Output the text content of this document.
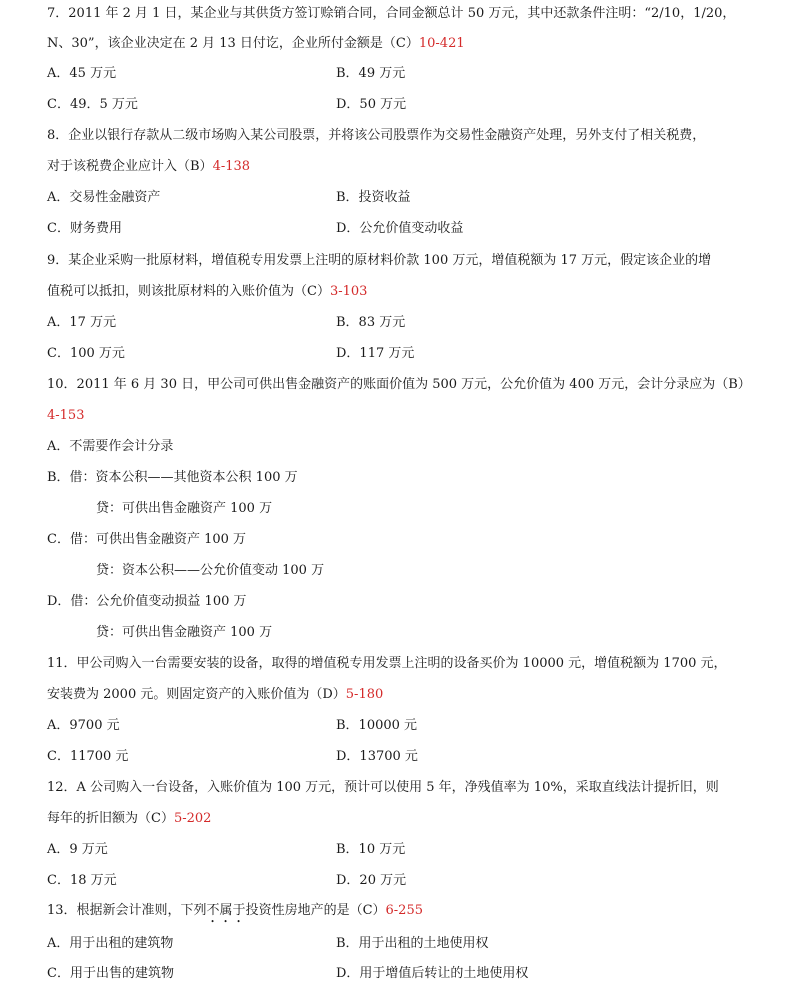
7．2011 年 2 月 1 日，某企业与其供货方签订赊销合同，合同金额总计 50 万元，其中还款条件注明：“2/10，1/20，
N、30”，该企业决定在 2 月 13 日付讫，企业所付金额是（C）10-421
A．45 万元	B．49 万元
C．49．5 万元	D．50 万元
8．企业以银行存款从二级市场购入某公司股票，并将该公司股票作为交易性金融资产处理，另外支付了相关税费，
对于该税费企业应计入（B）4-138
A．交易性金融资产	B．投资收益
C．财务费用	D．公允价值变动收益
9．某企业采购一批原材料，增值税专用发票上注明的原材料价款 100 万元，增值税额为 17 万元，假定该企业的增
值税可以抵扣，则该批原材料的入账价值为（C）3-103
A．17 万元	B．83 万元
C．100 万元	D．117 万元
10．2011 年 6 月 30 日，甲公司可供出售金融资产的账面价值为 500 万元，公允价值为 400 万元，会计分录应为（B）
4-153
A．不需要作会计分录
B．借：资本公积——其他资本公积 100 万
贷：可供出售金融资产 100 万
C．借：可供出售金融资产 100 万
贷：资本公积——公允价值变动 100 万
D．借：公允价值变动损益 100 万
贷：可供出售金融资产 100 万
11．甲公司购入一台需要安装的设备，取得的增值税专用发票上注明的设备买价为 10000 元，增值税额为 1700 元，
安装费为 2000 元。则固定资产的入账价值为（D）5-180
A．9700 元	B．10000 元
C．11700 元	D．13700 元
12．A 公司购入一台设备，入账价值为 100 万元，预计可以使用 5 年，净残值率为 10%，采取直线法计提折旧，则
每年的折旧额为（C）5-202
A．9 万元	B．10 万元
C．18 万元	D．20 万元
13．根据新会计准则，下列不属于投资性房地产的是（C）6-255
A．用于出租的建筑物	B．用于出租的土地使用权
C．用于出售的建筑物	D．用于增值后转让的土地使用权
